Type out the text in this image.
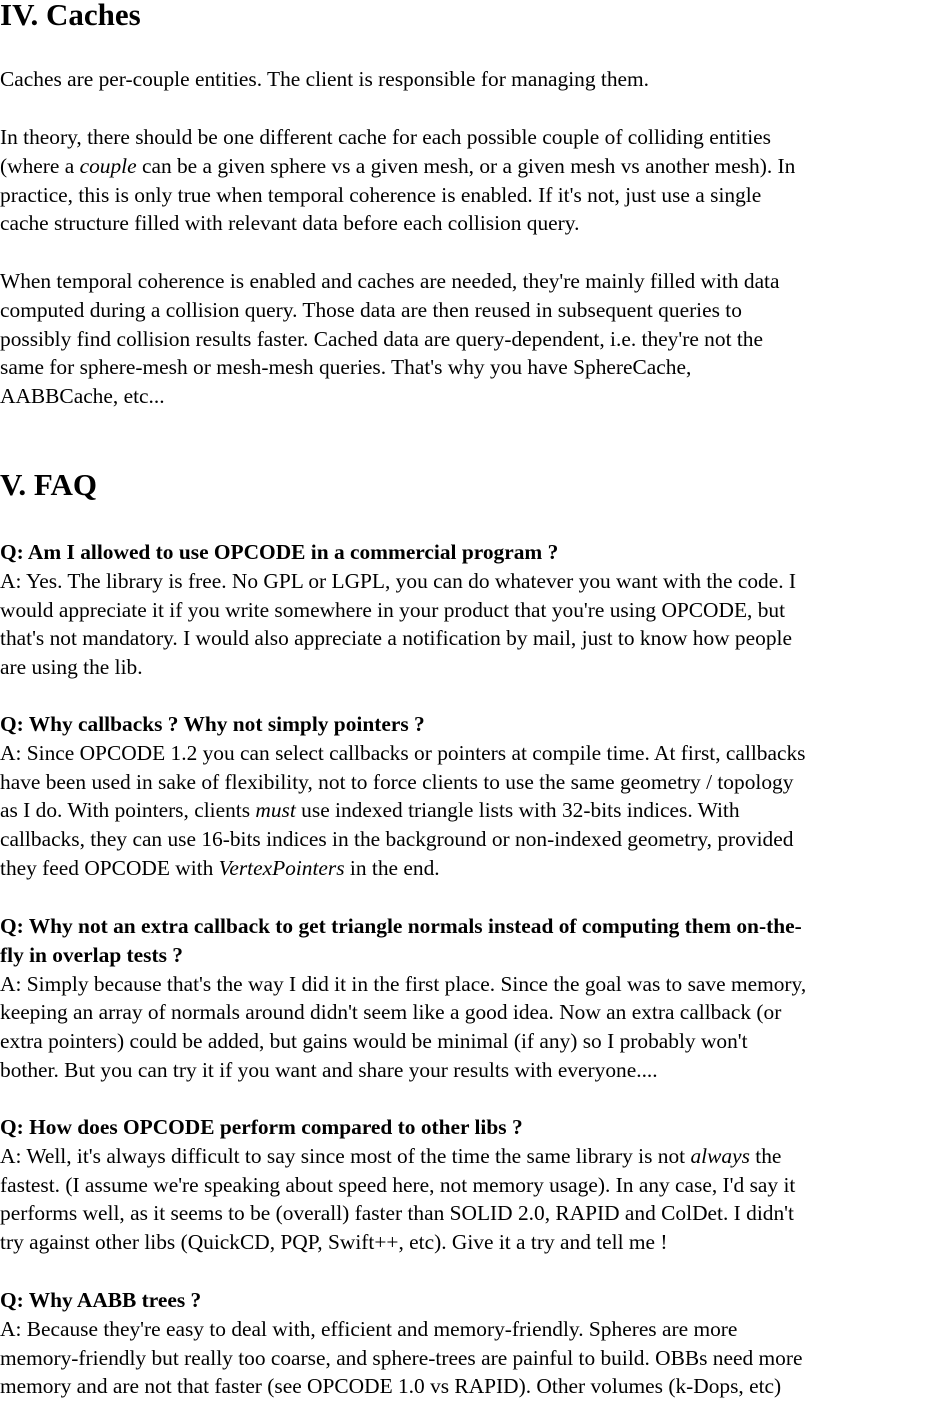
IV. Caches

Caches are per-couple entities. The client is responsible for managing them.

In theory, there should be one different cache for each possible couple of colliding entities
(where a couple can be a given sphere vs a given mesh, or a given mesh vs another mesh). In
practice, this is only true when temporal coherence is enabled. If it's not, just use a single
cache structure filled with relevant data before each collision query.

When temporal coherence is enabled and caches are needed, they're mainly filled with data
computed during a collision query. Those data are then reused in subsequent queries to
possibly find collision results faster. Cached data are query-dependent, i.e. they're not the
same for sphere-mesh or mesh-mesh queries. That's why you have SphereCache,
AABBCache, etc...

V. FAQ

Q: Am I allowed to use OPCODE in a commercial program ?
A: Yes. The library is free. No GPL or LGPL, you can do whatever you want with the code. I
would appreciate it if you write somewhere in your product that you're using OPCODE, but
that's not mandatory. I would also appreciate a notification by mail, just to know how people
are using the lib.

Q: Why callbacks ? Why not simply pointers ?
A: Since OPCODE 1.2 you can select callbacks or pointers at compile time. At first, callbacks
have been used in sake of flexibility, not to force clients to use the same geometry / topology
as I do. With pointers, clients must use indexed triangle lists with 32-bits indices. With
callbacks, they can use 16-bits indices in the background or non-indexed geometry, provided
they feed OPCODE with VertexPointers in the end.

Q: Why not an extra callback to get triangle normals instead of computing them on-the-
fly in overlap tests ?
A: Simply because that's the way I did it in the first place. Since the goal was to save memory,
keeping an array of normals around didn't seem like a good idea. Now an extra callback (or
extra pointers) could be added, but gains would be minimal (if any) so I probably won't
bother. But you can try it if you want and share your results with everyone....

Q: How does OPCODE perform compared to other libs ?
A: Well, it's always difficult to say since most of the time the same library is not always the
fastest. (I assume we're speaking about speed here, not memory usage). In any case, I'd say it
performs well, as it seems to be (overall) faster than SOLID 2.0, RAPID and ColDet. I didn't
try against other libs (QuickCD, PQP, Swift++, etc). Give it a try and tell me !

Q: Why AABB trees ?
A: Because they're easy to deal with, efficient and memory-friendly. Spheres are more
memory-friendly but really too coarse, and sphere-trees are painful to build. OBBs need more
memory and are not that faster (see OPCODE 1.0 vs RAPID). Other volumes (k-Dops, etc)
